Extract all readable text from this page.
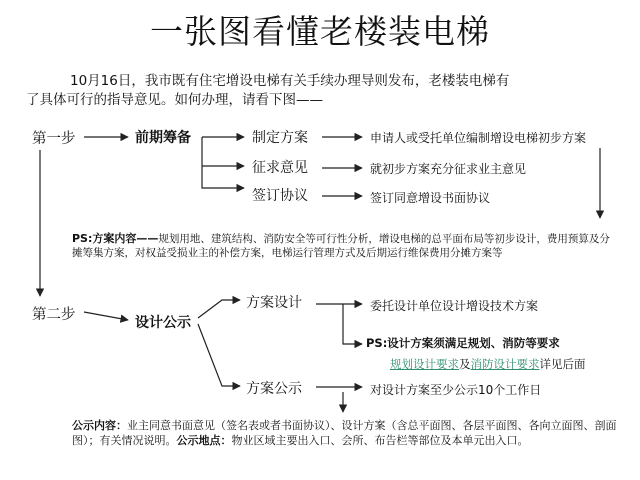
一张图看懂老楼装电梯
10月16日，我市既有住宅增设电梯有关手续办理导则发布，老楼装电梯有
了具体可行的指导意见。如何办理，请看下图——
第一步	前期筹备	制定方案
征求意见
签订协议
申请人或受托单位编制增设电梯初步方案
就初步方案充分征求业主意见
签订同意增设书面协议
PS:方案内容——规划用地、建筑结构、消防安全等可行性分析，增设电梯的总平面布局等初步设计，费用预算及分摊筹集方案，对权益受损业主的补偿方案，电梯运行管理方式及后期运行维保费用分摊方案等
第二步	设计公示
方案设计
方案公示
委托设计单位设计增设技术方案
对设计方案至少公示10个工作日
PS:设计方案须满足规划、消防等要求
规划设计要求及消防设计要求详见后面
公示内容：业主同意书面意见（签名表或者书面协议）、设计方案（含总平面图、各层平面图、各向立面图、剖面图）；有关情况说明。公示地点：物业区域主要出入口、会所、布告栏等部位及本单元出入口。
